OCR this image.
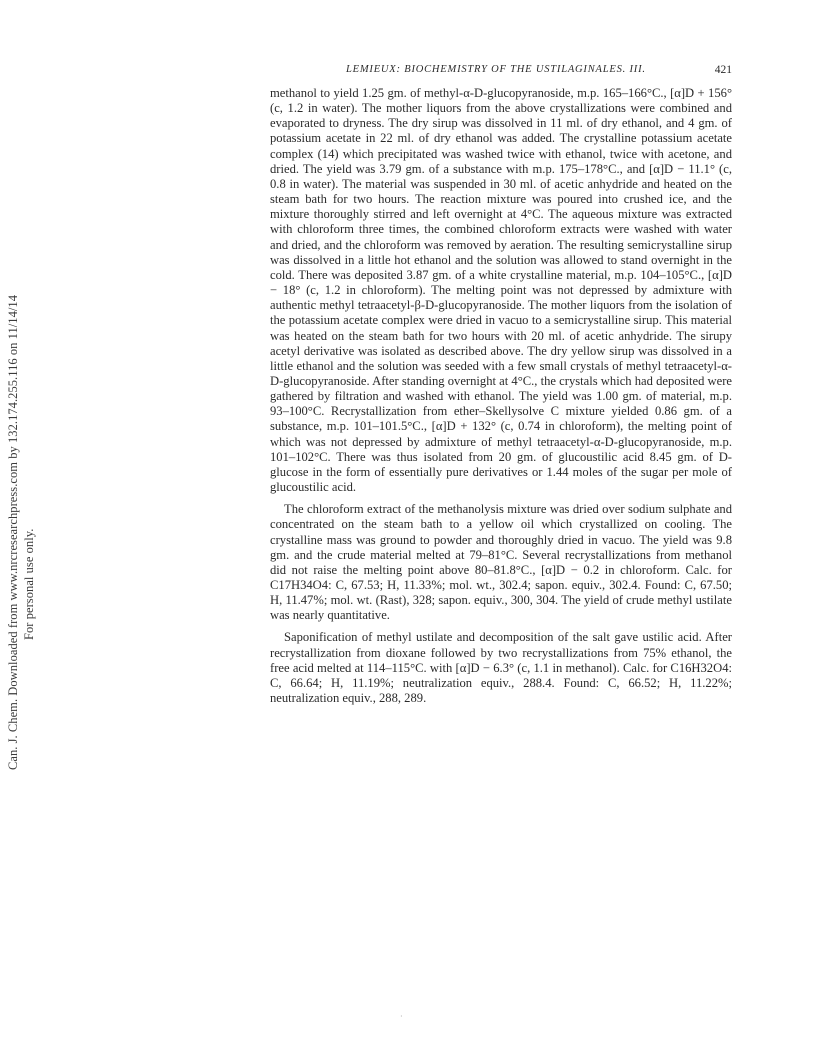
Can. J. Chem. Downloaded from www.nrcresearchpress.com by 132.174.255.116 on 11/14/14 For personal use only.
LEMIEUX: BIOCHEMISTRY OF THE USTILAGINALES. III.	421

methanol to yield 1.25 gm. of methyl-α-D-glucopyranoside, m.p. 165–166°C., [α]D + 156° (c, 1.2 in water). The mother liquors from the above crystallizations were combined and evaporated to dryness. The dry sirup was dissolved in 11 ml. of dry ethanol, and 4 gm. of potassium acetate in 22 ml. of dry ethanol was added. The crystalline potassium acetate complex (14) which precipitated was washed twice with ethanol, twice with acetone, and dried. The yield was 3.79 gm. of a substance with m.p. 175–178°C., and [α]D − 11.1° (c, 0.8 in water). The material was suspended in 30 ml. of acetic anhydride and heated on the steam bath for two hours. The reaction mixture was poured into crushed ice, and the mixture thoroughly stirred and left overnight at 4°C. The aqueous mixture was extracted with chloroform three times, the combined chloroform extracts were washed with water and dried, and the chloroform was removed by aeration. The resulting semicrystalline sirup was dissolved in a little hot ethanol and the solution was allowed to stand overnight in the cold. There was deposited 3.87 gm. of a white crystalline material, m.p. 104–105°C., [α]D − 18° (c, 1.2 in chloroform). The melting point was not depressed by admixture with authentic methyl tetraacetyl-β-D-glucopyranoside. The mother liquors from the isolation of the potassium acetate complex were dried in vacuo to a semicrystalline sirup. This material was heated on the steam bath for two hours with 20 ml. of acetic anhydride. The sirupy acetyl derivative was isolated as described above. The dry yellow sirup was dissolved in a little ethanol and the solution was seeded with a few small crystals of methyl tetraacetyl-α-D-glucopyranoside. After standing overnight at 4°C., the crystals which had deposited were gathered by filtration and washed with ethanol. The yield was 1.00 gm. of material, m.p. 93–100°C. Recrystallization from ether–Skellysolve C mixture yielded 0.86 gm. of a substance, m.p. 101–101.5°C., [α]D + 132° (c, 0.74 in chloroform), the melting point of which was not depressed by admixture of methyl tetraacetyl-α-D-glucopyranoside, m.p. 101–102°C. There was thus isolated from 20 gm. of glucoustilic acid 8.45 gm. of D-glucose in the form of essentially pure derivatives or 1.44 moles of the sugar per mole of glucoustilic acid.

The chloroform extract of the methanolysis mixture was dried over sodium sulphate and concentrated on the steam bath to a yellow oil which crystallized on cooling. The crystalline mass was ground to powder and thoroughly dried in vacuo. The yield was 9.8 gm. and the crude material melted at 79–81°C. Several recrystallizations from methanol did not raise the melting point above 80–81.8°C., [α]D − 0.2 in chloroform. Calc. for C17H34O4: C, 67.53; H, 11.33%; mol. wt., 302.4; sapon. equiv., 302.4. Found: C, 67.50; H, 11.47%; mol. wt. (Rast), 328; sapon. equiv., 300, 304. The yield of crude methyl ustilate was nearly quantitative.

Saponification of methyl ustilate and decomposition of the salt gave ustilic acid. After recrystallization from dioxane followed by two recrystallizations from 75% ethanol, the free acid melted at 114–115°C. with [α]D − 6.3° (c, 1.1 in methanol). Calc. for C16H32O4: C, 66.64; H, 11.19%; neutralization equiv., 288.4. Found: C, 66.52; H, 11.22%; neutralization equiv., 288, 289.

·
